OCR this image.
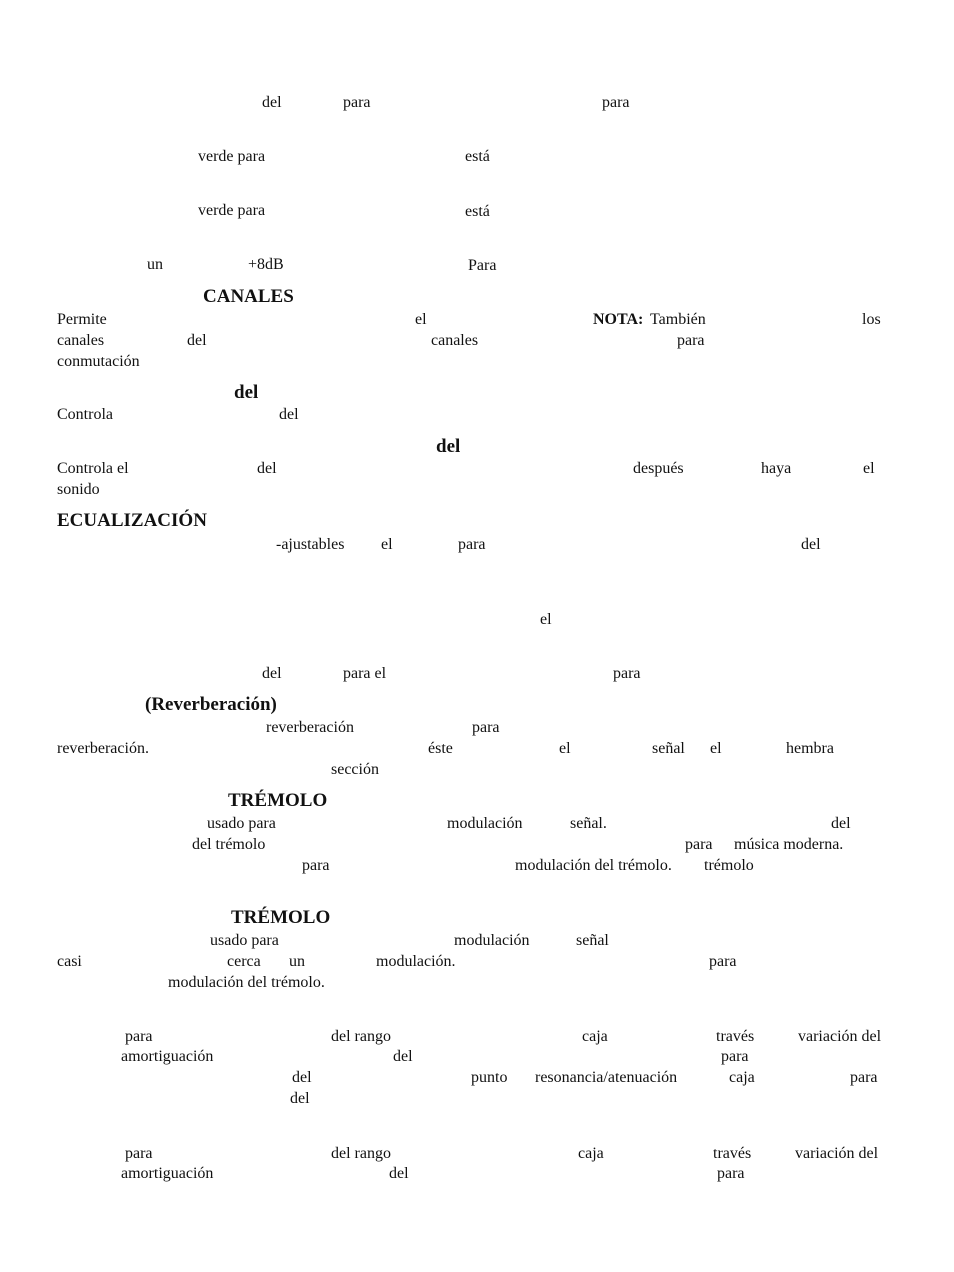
del	para	para
verde para	está
verde para	está
un	+8dB	Para
CANALES
Permite	el	NOTA: También	los
canales	del	canales	para
conmutación
del
Controla	del
del
Controla el	del	después	haya	el
sonido
ECUALIZACIÓN
-ajustables el	para	del
el
del	para el	para
(Reverberación)
reverberación	para
reverberación.	éste	el	señal el	hembra
sección
TRÉMOLO
usado para	modulación	señal.	del
del trémolo	para música moderna.
para	modulación del trémolo. trémolo
TRÉMOLO
usado para	modulación	señal
casi	cerca un	modulación.	para
modulación del trémolo.
para	del rango	caja	través	variación del
amortiguación	del	para
del	punto resonancia/atenuación	caja	para
del
para	del rango	caja	través	variación del
amortiguación	del	para
